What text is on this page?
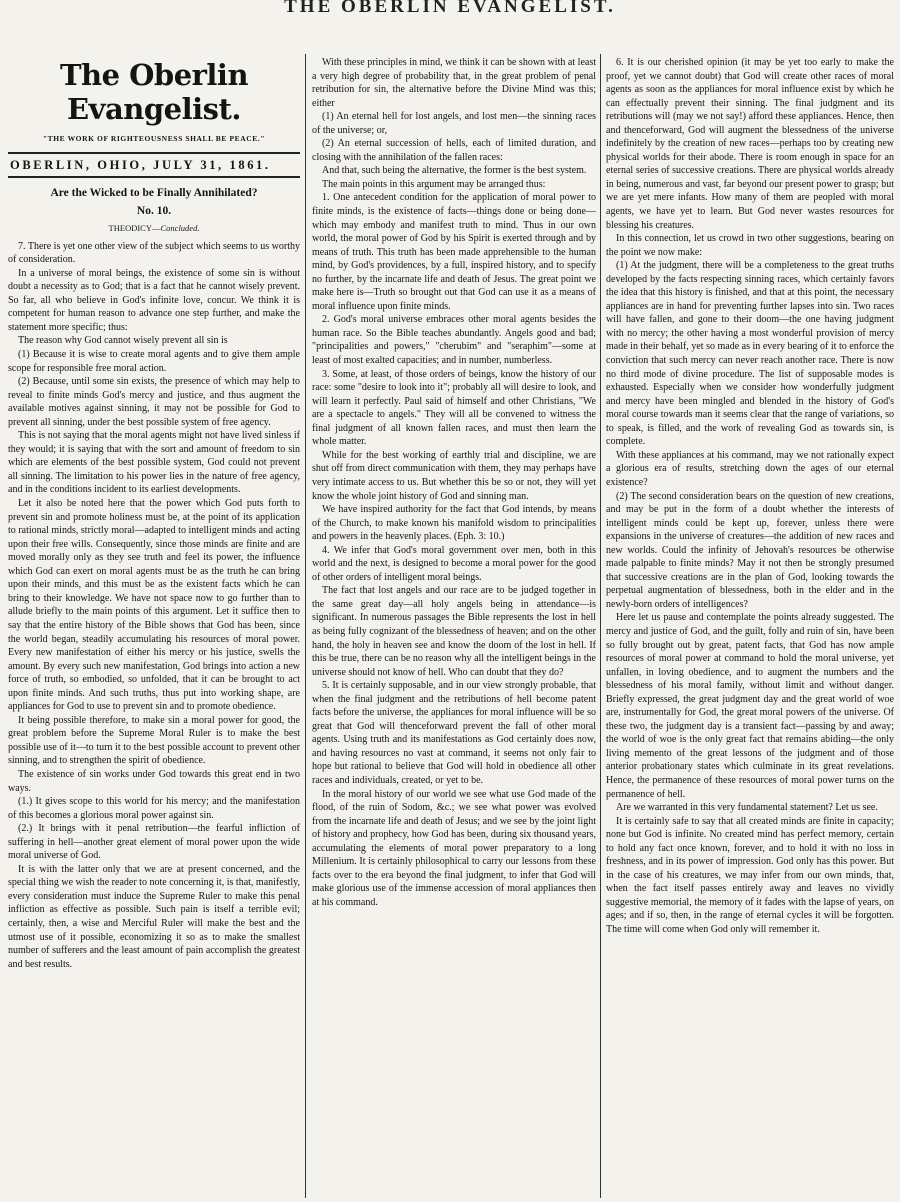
THE OBERLIN EVANGELIST.
The Oberlin Evangelist.
"THE WORK OF RIGHTEOUSNESS SHALL BE PEACE."
OBERLIN, OHIO, JULY 31, 1861.
Are the Wicked to be Finally Annihilated?
No. 10.
THEODICY—Concluded.

7. There is yet one other view of the subject which seems to us worthy of consideration.

In a universe of moral beings, the existence of some sin is without doubt a necessity as to God; that is a fact that he cannot wisely prevent. So far, all who believe in God's infinite love, concur. We think it is competent for human reason to advance one step further, and make the statement more specific; thus:

The reason why God cannot wisely prevent all sin is

(1) Because it is wise to create moral agents and to give them ample scope for responsible free moral action.

(2) Because, until some sin exists, the presence of which may help to reveal to finite minds God's mercy and justice, and thus augment the available motives against sinning, it may not be possible for God to prevent all sinning, under the best possible system of free agency.

This is not saying that the moral agents might not have lived sinless if they would; it is saying that with the sort and amount of freedom to sin which are elements of the best possible system, God could not prevent all sinning. The limitation to his power lies in the nature of free agency, and in the conditions incident to its earliest developments.

Let it also be noted here that the power which God puts forth to prevent sin and promote holiness must be, at the point of its application to rational minds, strictly moral—adapted to intelligent minds and acting upon their free wills. Consequently, since those minds are finite and are moved morally only as they see truth and feel its power, the influence which God can exert on moral agents must be as the truth he can bring upon their minds, and this must be as the existent facts which he can bring to their knowledge. We have not space now to go further than to allude briefly to the main points of this argument. Let it suffice then to say that the entire history of the Bible shows that God has been, since the world began, steadily accumulating his resources of moral power. Every new manifestation of either his mercy or his justice, swells the amount. By every such new manifestation, God brings into action a new force of truth, so embodied, so unfolded, that it can be brought to act upon finite minds. And such truths, thus put into working shape, are appliances for God to use to prevent sin and to promote obedience.

It being possible therefore, to make sin a moral power for good, the great problem before the Supreme Moral Ruler is to make the best possible use of it—to turn it to the best possible account to prevent other sinning, and to strengthen the spirit of obedience.

The existence of sin works under God towards this great end in two ways.

(1.) It gives scope to this world for his mercy; and the manifestation of this becomes a glorious moral power against sin.

(2.) It brings with it penal retribution—the fearful infliction of suffering in hell—another great element of moral power upon the wide moral universe of God.

It is with the latter only that we are at present concerned, and the special thing we wish the reader to note concerning it, is that, manifestly, every consideration must induce the Supreme Ruler to make this penal infliction as effective as possible. Such pain is itself a terrible evil; certainly, then, a wise and Merciful Ruler will make the best and the utmost use of it possible, economizing it so as to make the smallest number of sufferers and the least amount of pain accomplish the greatest and best results.

With these principles in mind, we think it can be shown with at least a very high degree of probability that, in the great problem of penal retribution for sin, the alternative before the Divine Mind was this; either

(1) An eternal hell for lost angels, and lost men—the sinning races of the universe; or,

(2) An eternal succession of hells, each of limited duration, and closing with the annihilation of the fallen races:

And that, such being the alternative, the former is the best system.

The main points in this argument may be arranged thus:

1. One antecedent condition for the application of moral power to finite minds, is the existence of facts—things done or being done—which may embody and manifest truth to mind. Thus in our own world, the moral power of God by his Spirit is exerted through and by means of truth. This truth has been made apprehensible to the human mind, by God's providences, by a full, inspired history, and to specify no further, by the incarnate life and death of Jesus. The great point we make here is—Truth so brought out that God can use it as a means of moral influence upon finite minds.

2. God's moral universe embraces other moral agents besides the human race. So the Bible teaches abundantly. Angels good and bad; "principalities and powers," "cherubim" and "seraphim"—some at least of most exalted capacities; and in number, numberless.

3. Some, at least, of those orders of beings, know the history of our race: some "desire to look into it"; probably all will desire to look, and will learn it perfectly. Paul said of himself and other Christians, "We are a spectacle to angels." They will all be convened to witness the final judgment of all known fallen races, and must then learn the whole matter.

While for the best working of earthly trial and discipline, we are shut off from direct communication with them, they may perhaps have very intimate access to us. But whether this be so or not, they will yet know the whole joint history of God and sinning man.

We have inspired authority for the fact that God intends, by means of the Church, to make known his manifold wisdom to principalities and powers in the heavenly places. (Eph. 3: 10.)

4. We infer that God's moral government over men, both in this world and the next, is designed to become a moral power for the good of other orders of intelligent moral beings.

The fact that lost angels and our race are to be judged together in the same great day—all holy angels being in attendance—is significant. In numerous passages the Bible represents the lost in hell as being fully cognizant of the blessedness of heaven; and on the other hand, the holy in heaven see and know the doom of the lost in hell. If this be true, there can be no reason why all the intelligent beings in the universe should not know of hell. Who can doubt that they do?

5. It is certainly supposable, and in our view strongly probable, that when the final judgment and the retributions of hell become patent facts before the universe, the appliances for moral influence will be so great that God will thenceforward prevent the fall of other moral agents. Using truth and its manifestations as God certainly does now, and having resources no vast at command, it seems not only fair to hope but rational to believe that God will hold in obedience all other races and individuals, created, or yet to be.

In the moral history of our world we see what use God made of the flood, of the ruin of Sodom, &c.; we see what power was evolved from the incarnate life and death of Jesus; and we see by the joint light of history and prophecy, how God has been, during six thousand years, accumulating the elements of moral power preparatory to a long Millenium. It is certainly philosophical to carry our lessons from these facts over to the era beyond the final judgment, to infer that God will make glorious use of the immense accession of moral appliances then at his command.

6. It is our cherished opinion (it may be yet too early to make the proof, yet we cannot doubt) that God will create other races of moral agents as soon as the appliances for moral influence exist by which he can effectually prevent their sinning. The final judgment and its retributions will (may we not say!) afford these appliances. Hence, then and thenceforward, God will augment the blessedness of the universe indefinitely by the creation of new races—perhaps too by creating new physical worlds for their abode. There is room enough in space for an eternal series of successive creations. There are physical worlds already in being, numerous and vast, far beyond our present power to grasp; but we are yet mere infants. How many of them are peopled with moral agents, we have yet to learn. But God never wastes resources for blessing his creatures.

In this connection, let us crowd in two other suggestions, bearing on the point we now make:

(1) At the judgment, there will be a completeness to the great truths developed by the facts respecting sinning races, which certainly favors the idea that this history is finished, and that at this point, the necessary appliances are in hand for preventing further lapses into sin. Two races will have fallen, and gone to their doom—the one having judgment with no mercy; the other having a most wonderful provision of mercy made in their behalf, yet so made as in every bearing of it to enforce the conviction that such mercy can never reach another race. There is now no third mode of divine procedure. The list of supposable modes is exhausted. Especially when we consider how wonderfully judgment and mercy have been mingled and blended in the history of God's moral course towards man it seems clear that the range of variations, so to speak, is filled, and the work of revealing God as towards sin, is complete.

With these appliances at his command, may we not rationally expect a glorious era of results, stretching down the ages of our eternal existence?

(2) The second consideration bears on the question of new creations, and may be put in the form of a doubt whether the interests of intelligent minds could be kept up, forever, unless there were expansions in the universe of creatures—the addition of new races and new worlds. Could the infinity of Jehovah's resources be otherwise made palpable to finite minds? May it not then be strongly presumed that successive creations are in the plan of God, looking towards the perpetual augmentation of blessedness, both in the elder and in the newly-born orders of intelligences?

Here let us pause and contemplate the points already suggested. The mercy and justice of God, and the guilt, folly and ruin of sin, have been so fully brought out by great, patent facts, that God has now ample resources of moral power at command to hold the moral universe, yet unfallen, in loving obedience, and to augment the numbers and the blessedness of his moral family, without limit and without danger. Briefly expressed, the great judgment day and the great world of woe are, instrumentally for God, the great moral powers of the universe. Of these two, the judgment day is a transient fact—passing by and away; the world of woe is the only great fact that remains abiding—the only living memento of the great lessons of the judgment and of those anterior probationary states which culminate in its great revelations. Hence, the permanence of these resources of moral power turns on the permanence of hell.

Are we warranted in this very fundamental statement? Let us see.

It is certainly safe to say that all created minds are finite in capacity; none but God is infinite. No created mind has perfect memory, certain to hold any fact once known, forever, and to hold it with no loss in freshness, and in its power of impression. God only has this power. But in the case of his creatures, we may infer from our own minds, that, when the fact itself passes entirely away and leaves no vividly suggestive memorial, the memory of it fades with the lapse of years, on ages; and if so, then, in the range of eternal cycles it will be forgotten. The time will come when God only will remember it.
